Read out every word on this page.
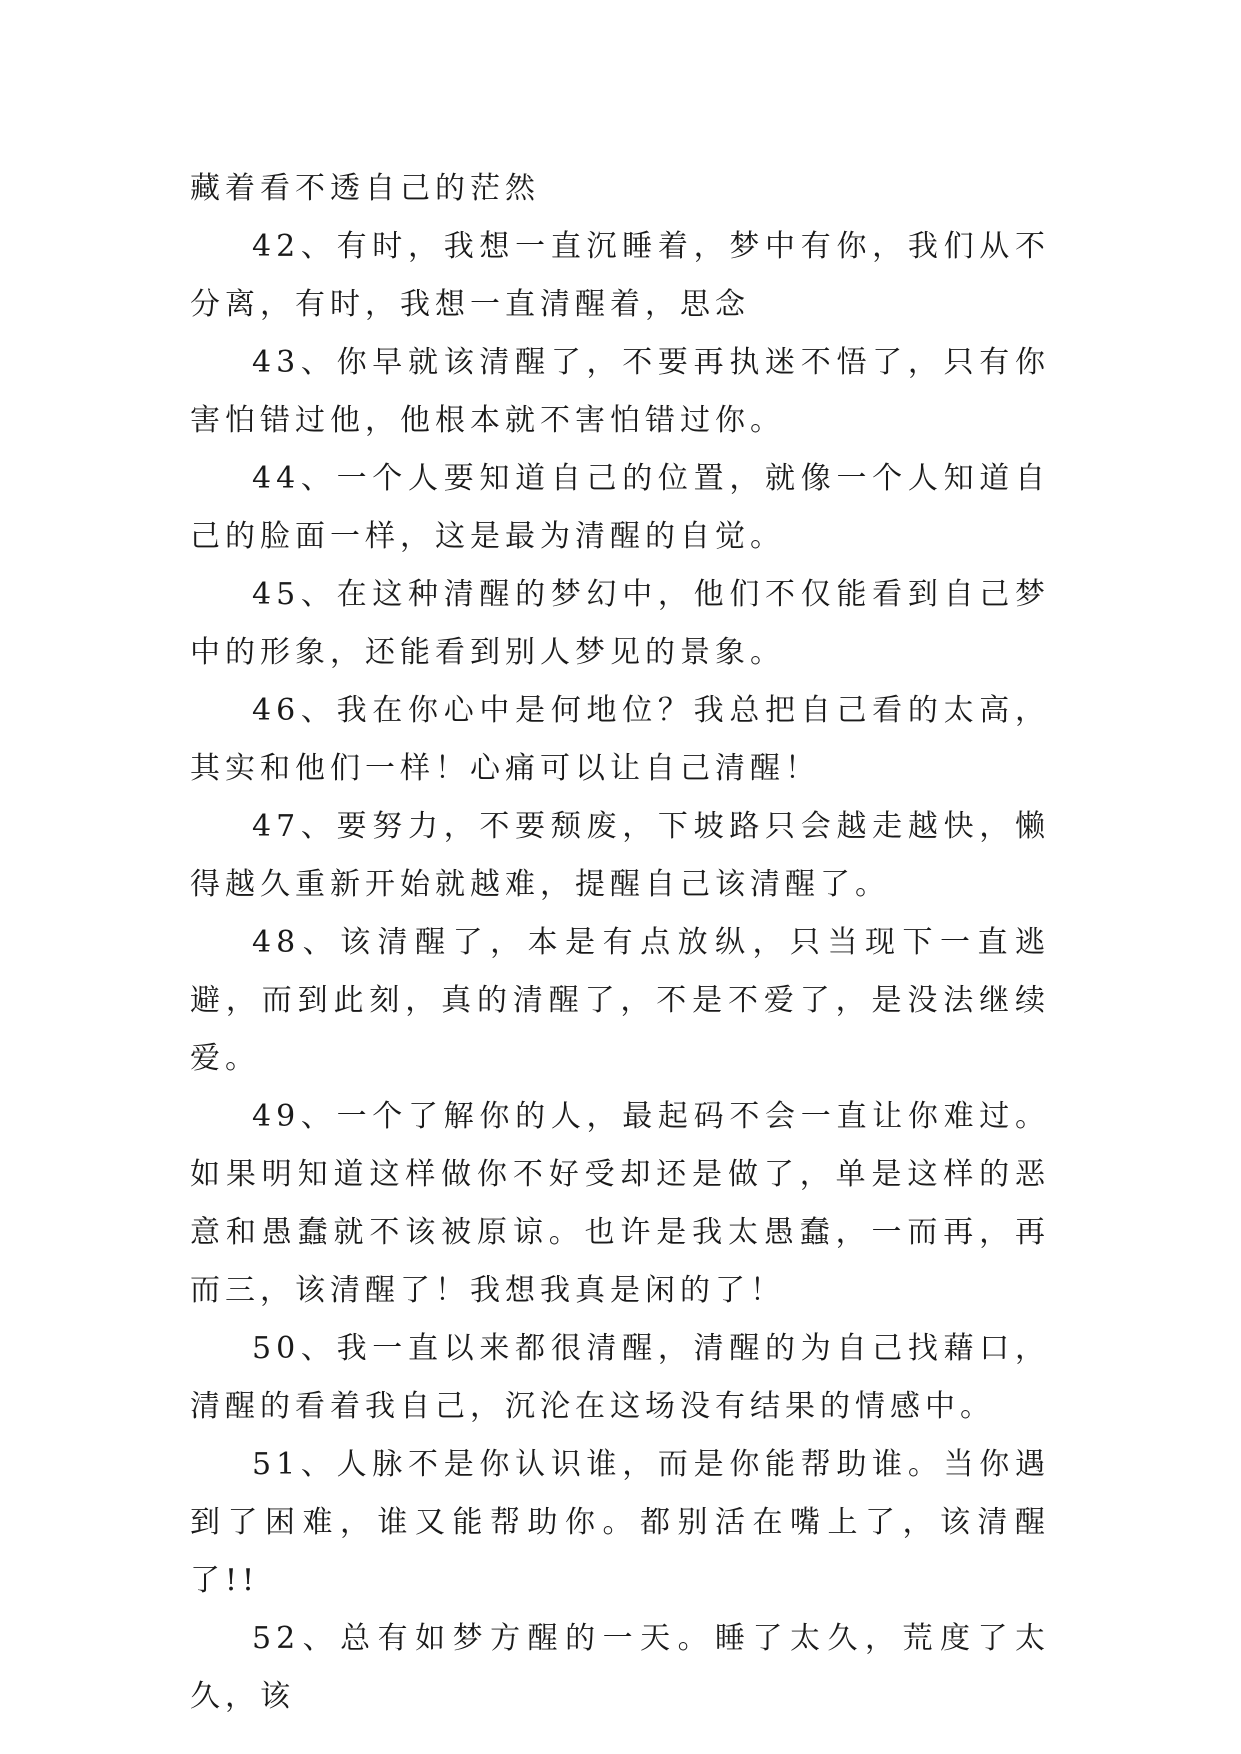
藏着看不透自己的茫然

42、有时，我想一直沉睡着，梦中有你，我们从不分离，有时，我想一直清醒着，思念

43、你早就该清醒了，不要再执迷不悟了，只有你害怕错过他，他根本就不害怕错过你。

44、一个人要知道自己的位置，就像一个人知道自己的脸面一样，这是最为清醒的自觉。

45、在这种清醒的梦幻中，他们不仅能看到自己梦中的形象，还能看到别人梦见的景象。

46、我在你心中是何地位？我总把自己看的太高，其实和他们一样！心痛可以让自己清醒！

47、要努力，不要颓废，下坡路只会越走越快，懒得越久重新开始就越难，提醒自己该清醒了。

48、该清醒了，本是有点放纵，只当现下一直逃避，而到此刻，真的清醒了，不是不爱了，是没法继续爱。

49、一个了解你的人，最起码不会一直让你难过。如果明知道这样做你不好受却还是做了，单是这样的恶意和愚蠢就不该被原谅。也许是我太愚蠢，一而再，再而三，该清醒了！我想我真是闲的了！

50、我一直以来都很清醒，清醒的为自己找藉口，清醒的看着我自己，沉沦在这场没有结果的情感中。

51、人脉不是你认识谁，而是你能帮助谁。当你遇到了困难，谁又能帮助你。都别活在嘴上了，该清醒了!!

52、总有如梦方醒的一天。睡了太久，荒度了太久，该
